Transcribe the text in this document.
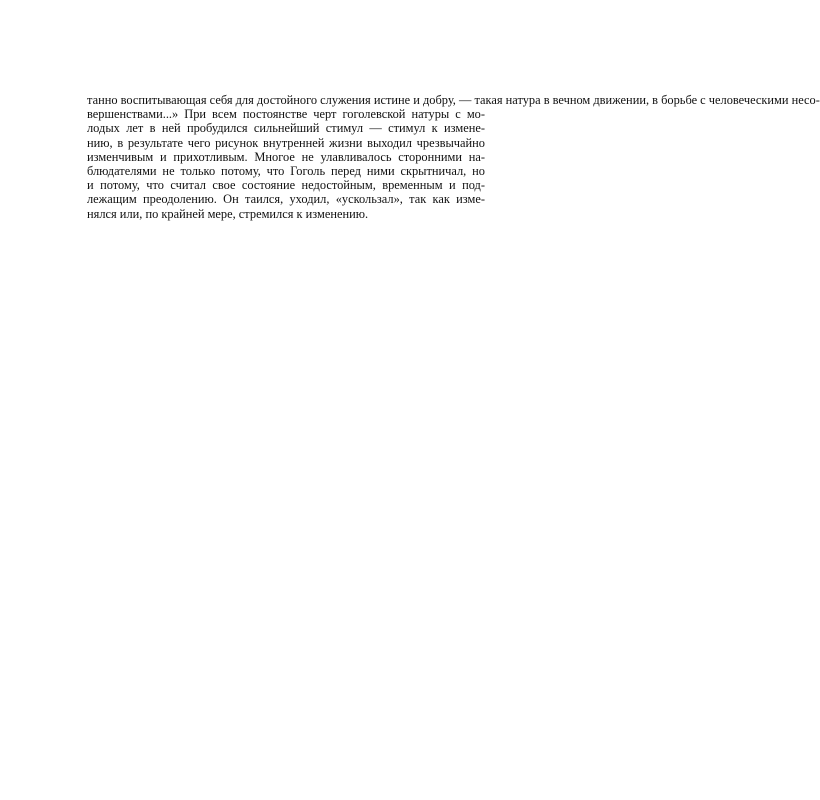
танно воспитывающая себя для достойного служения истине и добру, — такая натура в вечном движении, в борьбе с человеческими несо-
вершенствами...» При всем постоянстве черт гоголевской натуры с мо-
лодых лет в ней пробудился сильнейший стимул — стимул к измене-
нию, в результате чего рисунок внутренней жизни выходил чрезвычайно
изменчивым и прихотливым. Многое не улавливалось сторонними на-
блюдателями не только потому, что Гоголь перед ними скрытничал, но
и потому, что считал свое состояние недостойным, временным и под-
лежащим преодолению. Он таился, уходил, «ускользал», так как изме-
нялся или, по крайней мере, стремился к изменению.
